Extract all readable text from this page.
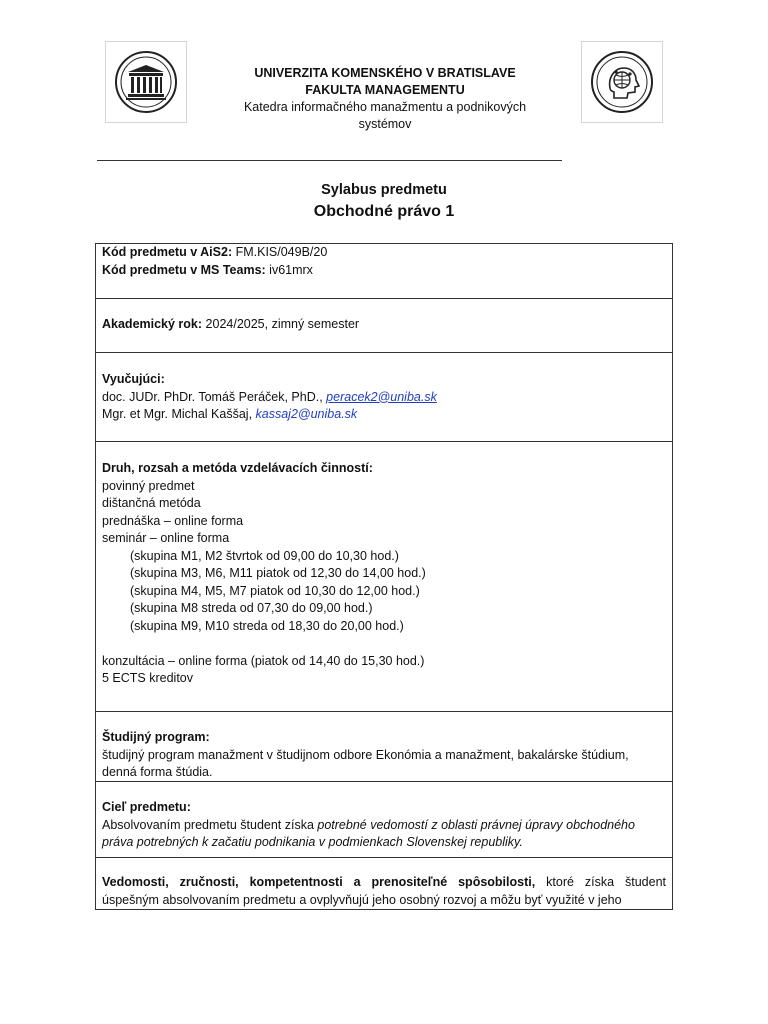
UNIVERZITA KOMENSKÉHO V BRATISLAVE
FAKULTA MANAGEMENTU
Katedra informačného manažmentu a podnikových
systémov
Sylabus predmetu
Obchodné právo 1
Kód predmetu v AiS2: FM.KIS/049B/20
Kód predmetu v MS Teams: iv61mrx
Akademický rok: 2024/2025, zimný semester
Vyučujúci:
doc. JUDr. PhDr. Tomáš Peráček, PhD., peracek2@uniba.sk
Mgr. et Mgr. Michal Kaššaj, kassaj2@uniba.sk
Druh, rozsah a metóda vzdelávacích činností:
povinný predmet
dištančná metóda
prednáška – online forma
seminár – online forma
(skupina M1, M2 štvrtok od 09,00 do 10,30 hod.)
(skupina M3, M6, M11 piatok od 12,30 do 14,00 hod.)
(skupina M4, M5, M7 piatok od 10,30 do 12,00 hod.)
(skupina M8 streda od 07,30 do 09,00 hod.)
(skupina M9, M10 streda od 18,30 do 20,00 hod.)
konzultácia – online forma (piatok od 14,40 do 15,30 hod.)
5 ECTS kreditov
Študijný program:
študijný program manažment v študijnom odbore Ekonómia a manažment, bakalárske štúdium, denná forma štúdia.
Cieľ predmetu:
Absolvovaním predmetu študent získa potrebné vedomostí z oblasti právnej úpravy obchodného práva potrebných k začatiu podnikania v podmienkach Slovenskej republiky.
Vedomosti, zručnosti, kompetentnosti a prenositeľné spôsobilosti, ktoré získa študent úspešným absolvovaním predmetu a ovplyvňujú jeho osobný rozvoj a môžu byť využité v jeho
